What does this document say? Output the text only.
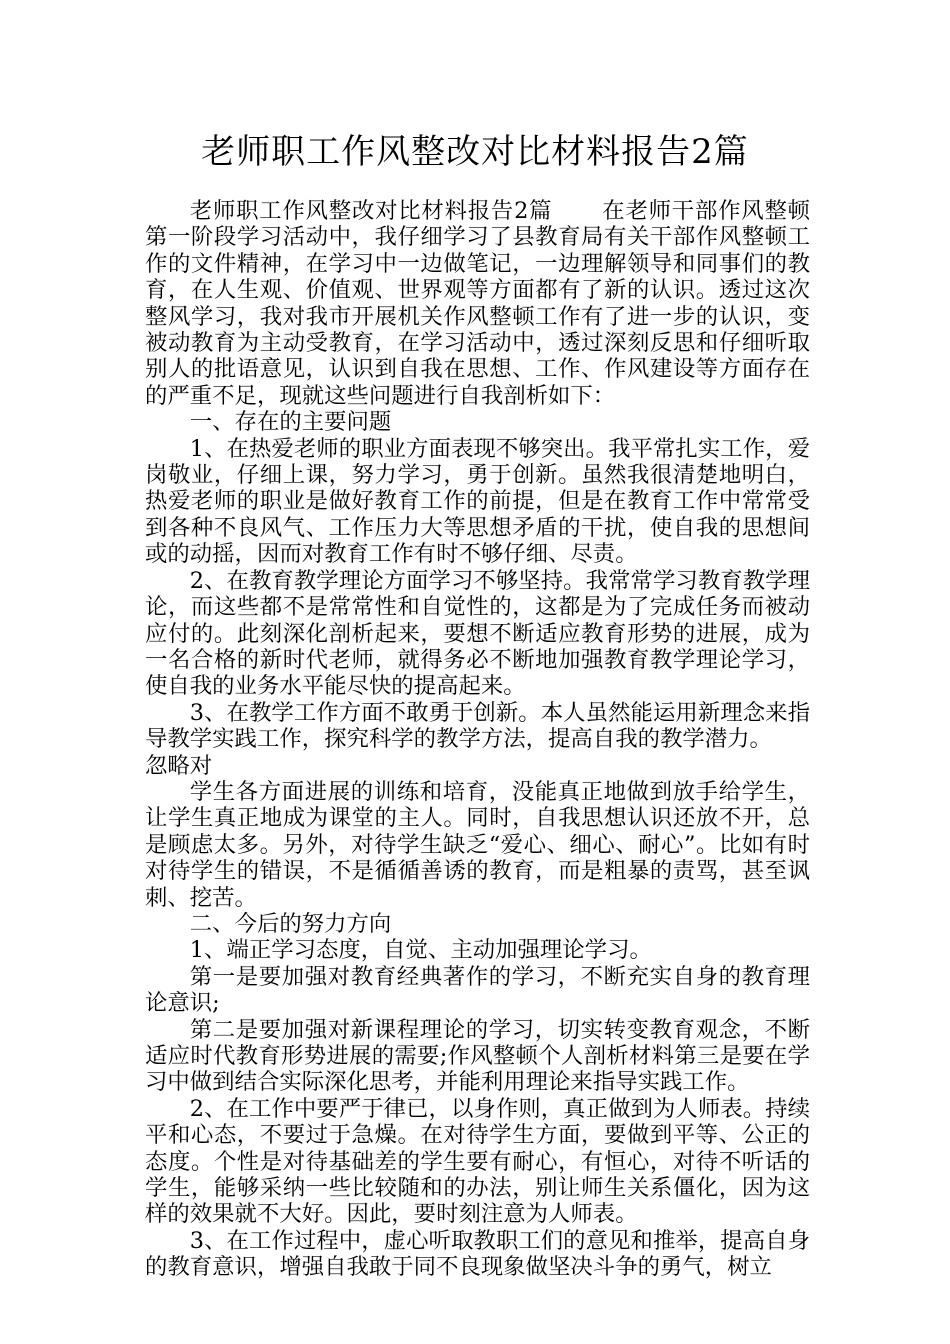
老师职工作风整改对比材料报告2篇

老师职工作风整改对比材料报告2篇 在老师干部作风整顿第一阶段学习活动中，我仔细学习了县教育局有关干部作风整顿工作的文件精神，在学习中一边做笔记，一边理解领导和同事们的教育，在人生观、价值观、世界观等方面都有了新的认识。透过这次整风学习，我对我市开展机关作风整顿工作有了进一步的认识，变被动教育为主动受教育，在学习活动中，透过深刻反思和仔细听取别人的批语意见，认识到自我在思想、工作、作风建设等方面存在的严重不足，现就这些问题进行自我剖析如下：

一、存在的主要问题

1、在热爱老师的职业方面表现不够突出。我平常扎实工作，爱岗敬业，仔细上课，努力学习，勇于创新。虽然我很清楚地明白，热爱老师的职业是做好教育工作的前提，但是在教育工作中常常受到各种不良风气、工作压力大等思想矛盾的干扰，使自我的思想间或的动摇，因而对教育工作有时不够仔细、尽责。

2、在教育教学理论方面学习不够坚持。我常常学习教育教学理论，而这些都不是常常性和自觉性的，这都是为了完成任务而被动应付的。此刻深化剖析起来，要想不断适应教育形势的进展，成为一名合格的新时代老师，就得务必不断地加强教育教学理论学习，使自我的业务水平能尽快的提高起来。

3、在教学工作方面不敢勇于创新。本人虽然能运用新理念来指导教学实践工作，探究科学的教学方法，提高自我的教学潜力。

忽略对

学生各方面进展的训练和培育，没能真正地做到放手给学生，让学生真正地成为课堂的主人。同时，自我思想认识还放不开，总是顾虑太多。另外，对待学生缺乏“爱心、细心、耐心”。比如有时对待学生的错误，不是循循善诱的教育，而是粗暴的责骂，甚至讽刺、挖苦。

二、今后的努力方向

1、端正学习态度，自觉、主动加强理论学习。

第一是要加强对教育经典著作的学习，不断充实自身的教育理论意识;

第二是要加强对新课程理论的学习，切实转变教育观念，不断适应时代教育形势进展的需要;作风整顿个人剖析材料第三是要在学习中做到结合实际深化思考，并能利用理论来指导实践工作。

2、在工作中要严于律已，以身作则，真正做到为人师表。持续平和心态，不要过于急燥。在对待学生方面，要做到平等、公正的态度。个性是对待基础差的学生要有耐心，有恒心，对待不听话的学生，能够采纳一些比较随和的办法，别让师生关系僵化，因为这样的效果就不大好。因此，要时刻注意为人师表。

3、在工作过程中，虚心听取教职工们的意见和推举，提高自身的教育意识，增强自我敢于同不良现象做坚决斗争的勇气，树立
